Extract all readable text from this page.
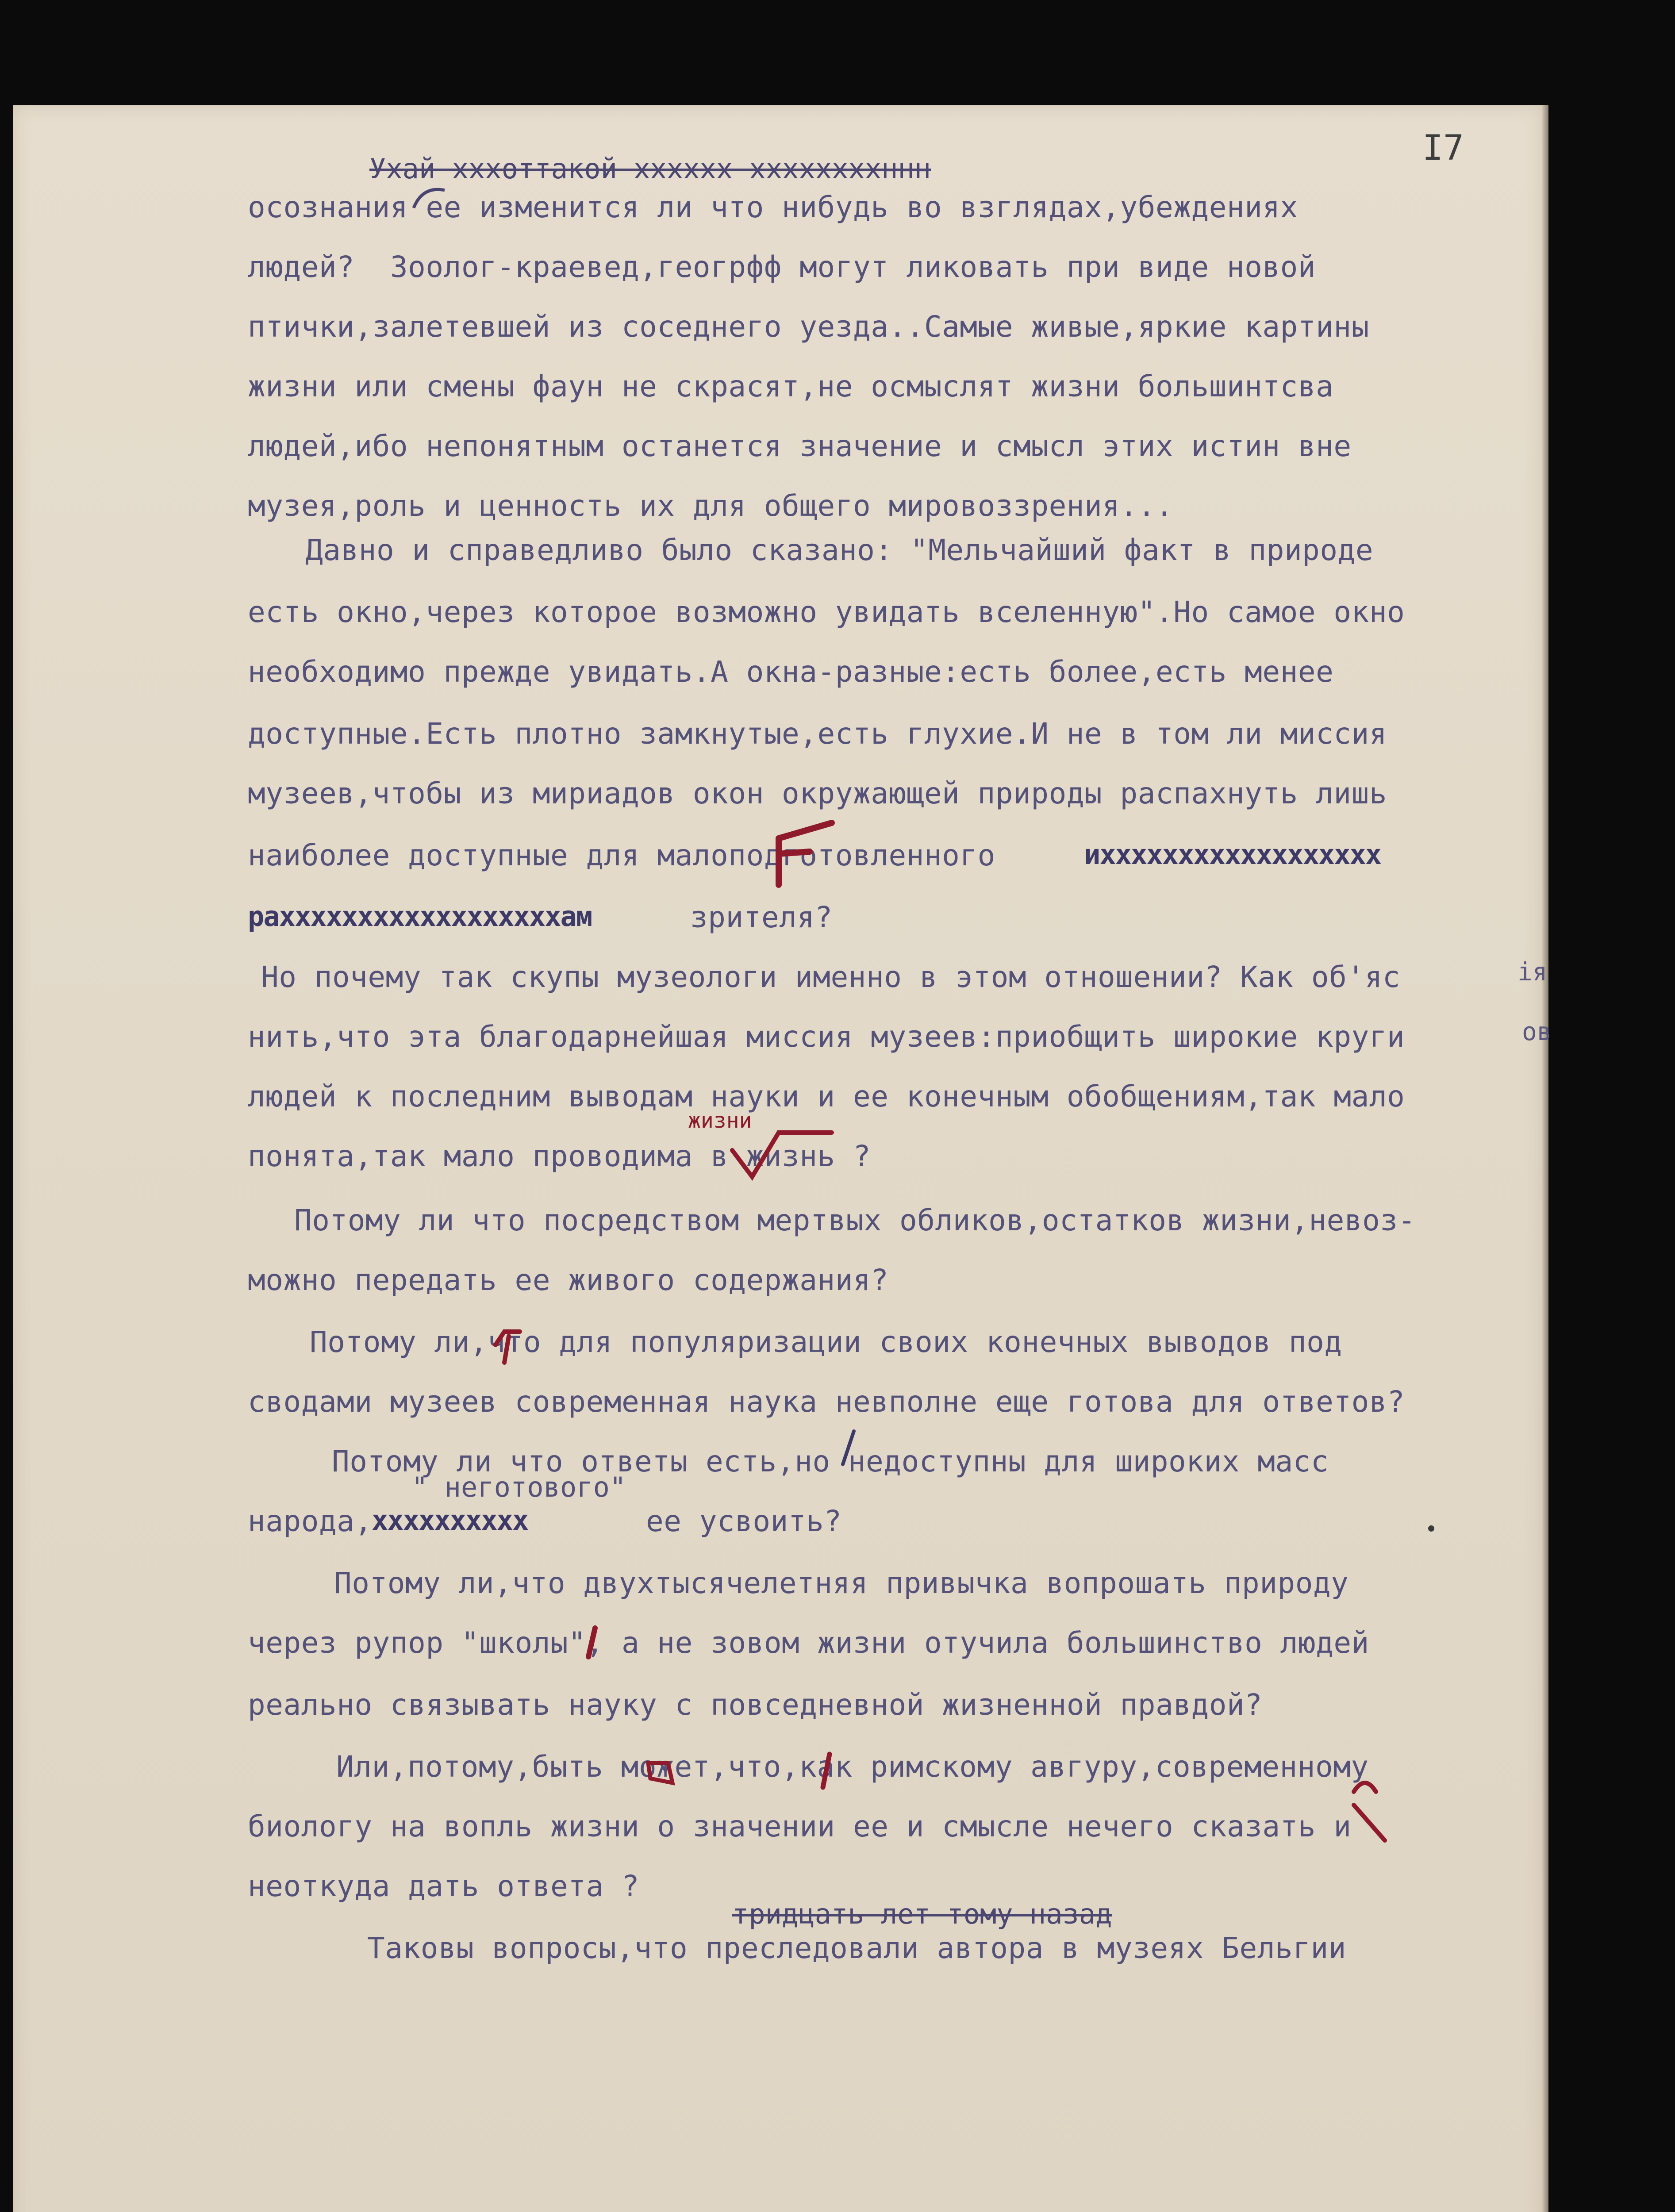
I7
Ухай хххоттакой хххххх ххххххххннн
осознания ее изменится ли что нибудь во взглядах,убеждениях
людей?  Зоолог-краевед,геогрфф могут ликовать при виде новой
птички,залетевшей из соседнего уезда..Самые живые,яркие картины
жизни или смены фаун не скрасят,не осмыслят жизни большинтсва
людей,ибо непонятным останется значение и смысл этих истин вне
музея,роль и ценность их для общего мировоззрения...
Давно и справедливо было сказано: "Мельчайший факт в природе
есть окно,через которое возможно увидать вселенную".Но самое окно
необходимо прежде увидать.А окна-разные:есть более,есть менее
доступные.Есть плотно замкнутые,есть глухие.И не в том ли миссия
музеев,чтобы из мириадов окон окружающей природы распахнуть лишь
наиболее доступные для малоподготовленного	ихххххххххххххххххх
раххххххххххххххххххам	зрителя?
Но почему так скупы музеологи именно в этом отношении? Как об'яс	ія
нить,что эта благодарнейшая миссия музеев:приобщить широкие круги	ов
людей к последним выводам науки и ее конечным обобщениям,так мало
понята,так мало проводима в жизнь ?
Потому ли что посредством мертвых обликов,остатков жизни,невоз-
можно передать ее живого содержания?
Потому ли,что для популяризации своих конечных выводов под
сводами музеев современная наука невполне еще готова для ответов?
Потому ли что ответы есть,но недоступны для широких масс
" неготового"
народа,
хххххххххх	ее усвоить?
Потому ли,что двухтысячелетняя привычка вопрошать природу
через рупор "школы", а не зовом жизни отучила большинство людей
реально связывать науку с повседневной жизненной правдой?
Или,потому,быть может,что,как римскому авгуру,современному
биологу на вопль жизни о значении ее и смысле нечего сказать и
неоткуда дать ответа ?
тридцать лет тому назад
Таковы вопросы,что преследовали автора в музеях Бельгии
жизни
